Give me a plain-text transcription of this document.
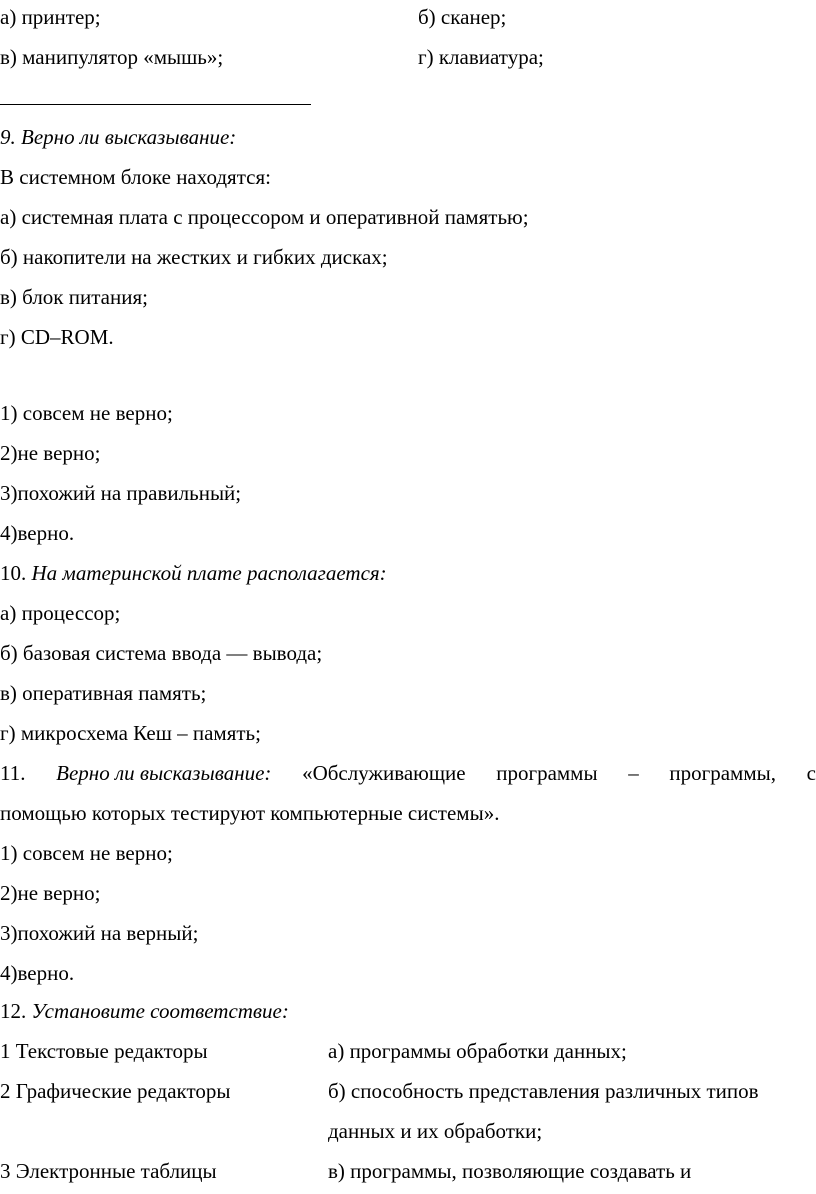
а) принтер;	б) сканер;
в) манипулятор «мышь»;	г) клавиатура;
9. Верно ли высказывание:
В системном блоке находятся:
а) системная плата с процессором и оперативной памятью;
б) накопители на жестких и гибких дисках;
в) блок питания;
г) CD–ROM.
1) совсем не верно;
2)не верно;
3)похожий на правильный;
4)верно.
10. На материнской плате располагается:
а) процессор;
б) базовая система ввода — вывода;
в) оперативная память;
г) микросхема Кеш – память;
11. Верно ли высказывание: «Обслуживающие программы – программы, с
помощью которых тестируют компьютерные системы».
1) совсем не верно;
2)не верно;
3)похожий на верный;
4)верно.
12. Установите соответствие:
1 Текстовые редакторы	а) программы обработки данных;
2 Графические редакторы	б) способность представления различных типов
данных и их обработки;
3 Электронные таблицы	в) программы, позволяющие создавать и
